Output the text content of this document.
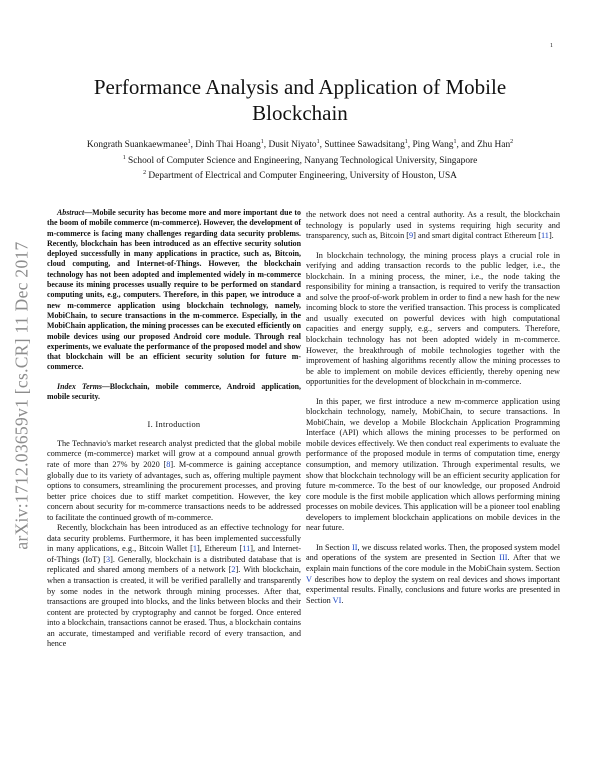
1
arXiv:1712.03659v1 [cs.CR] 11 Dec 2017
Performance Analysis and Application of Mobile
Blockchain
Kongrath Suankaewmanee$^1$, Dinh Thai Hoang$^1$, Dusit Niyato$^1$, Suttinee Sawadsitang$^1$, Ping Wang$^1$, and Zhu Han$^2$
$^1$ School of Computer Science and Engineering, Nanyang Technological University, Singapore
$^2$ Department of Electrical and Computer Engineering, University of Houston, USA

Abstract—Mobile security has become more and more important due to the boom of mobile commerce (m-commerce). However, the development of m-commerce is facing many challenges regarding data security problems. Recently, blockchain has been introduced as an effective security solution deployed successfully in many applications in practice, such as, Bitcoin, cloud computing, and Internet-of-Things. However, the blockchain technology has not been adopted and implemented widely in m-commerce because its mining processes usually require to be performed on standard computing units, e.g., computers. Therefore, in this paper, we introduce a new m-commerce application using blockchain technology, namely, MobiChain, to secure transactions in the m-commerce. Especially, in the MobiChain application, the mining processes can be executed efficiently on mobile devices using our proposed Android core module. Through real experiments, we evaluate the performance of the proposed model and show that blockchain will be an efficient security solution for future m-commerce.

Index Terms—Blockchain, mobile commerce, Android application, mobile security.

I. Introduction

The Technavio's market research analyst predicted that the global mobile commerce (m-commerce) market will grow at a compound annual growth rate of more than 27% by 2020 [8]. M-commerce is gaining acceptance globally due to its variety of advantages, such as, offering multiple payment options to consumers, streamlining the procurement processes, and proving better price choices due to stiff market competition. However, the key concern about security for m-commerce transactions needs to be addressed to facilitate the continued growth of m-commerce.

Recently, blockchain has been introduced as an effective technology for data security problems. Furthermore, it has been implemented successfully in many applications, e.g., Bitcoin Wallet [1], Ethereum [11], and Internet-of-Things (IoT) [3]. Generally, blockchain is a distributed database that is replicated and shared among members of a network [2]. With blockchain, when a transaction is created, it will be verified parallelly and transparently by some nodes in the network through mining processes. After that, transactions are grouped into blocks, and the links between blocks and their content are protected by cryptography and cannot be forged. Once entered into a blockchain, transactions cannot be erased. Thus, a blockchain contains an accurate, timestamped and verifiable record of every transaction, and hence

the network does not need a central authority. As a result, the blockchain technology is popularly used in systems requiring high security and transparency, such as, Bitcoin [9] and smart digital contract Ethereum [11].

In blockchain technology, the mining process plays a crucial role in verifying and adding transaction records to the public ledger, i.e., the blockchain. In a mining process, the miner, i.e., the node taking the responsibility for mining a transaction, is required to verify the transaction and solve the proof-of-work problem in order to find a new hash for the new incoming block to store the verified transaction. This process is complicated and usually executed on powerful devices with high computational capacities and energy supply, e.g., servers and computers. Therefore, blockchain technology has not been adopted widely in m-commerce. However, the breakthrough of mobile technologies together with the improvement of hashing algorithms recently allow the mining processes to be able to implement on mobile devices efficiently, thereby opening new opportunities for the development of blockchain in m-commerce.

In this paper, we first introduce a new m-commerce application using blockchain technology, namely, MobiChain, to secure transactions. In MobiChain, we develop a Mobile Blockchain Application Programming Interface (API) which allows the mining processes to be performed on mobile devices effectively. We then conduct real experiments to evaluate the performance of the proposed module in terms of computation time, energy consumption, and memory utilization. Through experimental results, we show that blockchain technology will be an efficient security application for future m-commerce. To the best of our knowledge, our proposed Android core module is the first mobile application which allows performing mining processes on mobile devices. This application will be a pioneer tool enabling developers to implement blockchain applications on mobile devices in the near future.

In Section II, we discuss related works. Then, the proposed system model and operations of the system are presented in Section III. After that we explain main functions of the core module in the MobiChain system. Section V describes how to deploy the system on real devices and shows important experimental results. Finally, conclusions and future works are presented in Section VI.
